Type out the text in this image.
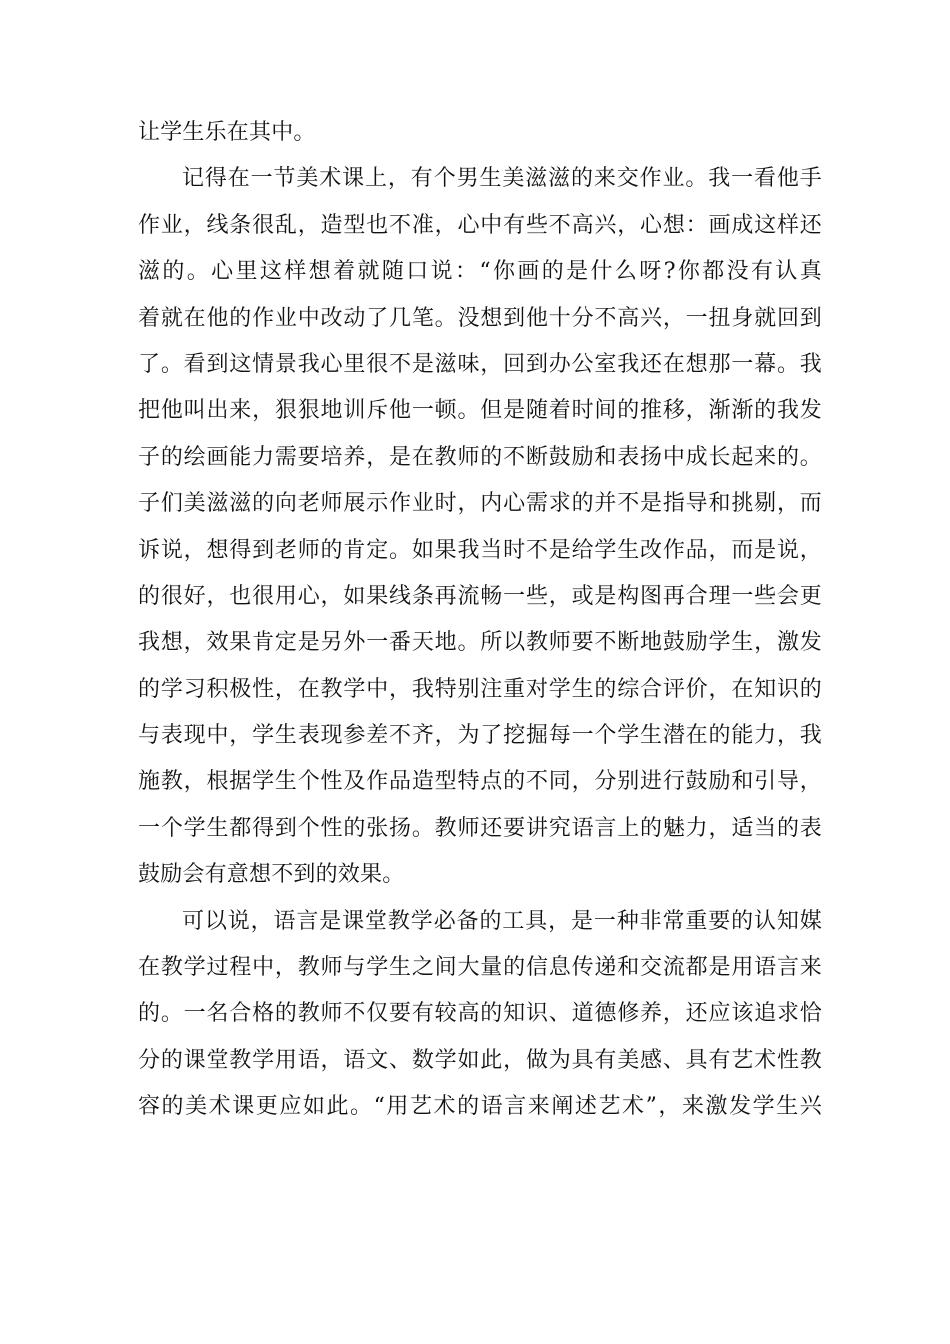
让学生乐在其中。
记得在一节美术课上，有个男生美滋滋的来交作业。我一看他手
作业，线条很乱，造型也不准，心中有些不高兴，心想：画成这样还
滋的。心里这样想着就随口说：“你画的是什么呀?你都没有认真
着就在他的作业中改动了几笔。没想到他十分不高兴，一扭身就回到
了。看到这情景我心里很不是滋味，回到办公室我还在想那一幕。我
把他叫出来，狠狠地训斥他一顿。但是随着时间的推移，渐渐的我发
子的绘画能力需要培养，是在教师的不断鼓励和表扬中成长起来的。
子们美滋滋的向老师展示作业时，内心需求的并不是指导和挑剔，而
诉说，想得到老师的肯定。如果我当时不是给学生改作品，而是说，
的很好，也很用心，如果线条再流畅一些，或是构图再合理一些会更
我想，效果肯定是另外一番天地。所以教师要不断地鼓励学生，激发
的学习积极性，在教学中，我特别注重对学生的综合评价，在知识的
与表现中，学生表现参差不齐，为了挖掘每一个学生潜在的能力，我
施教，根据学生个性及作品造型特点的不同，分别进行鼓励和引导，
一个学生都得到个性的张扬。教师还要讲究语言上的魅力，适当的表
鼓励会有意想不到的效果。
可以说，语言是课堂教学必备的工具，是一种非常重要的认知媒
在教学过程中，教师与学生之间大量的信息传递和交流都是用语言来
的。一名合格的教师不仅要有较高的知识、道德修养，还应该追求恰
分的课堂教学用语，语文、数学如此，做为具有美感、具有艺术性教
容的美术课更应如此。“用艺术的语言来阐述艺术”，来激发学生兴
